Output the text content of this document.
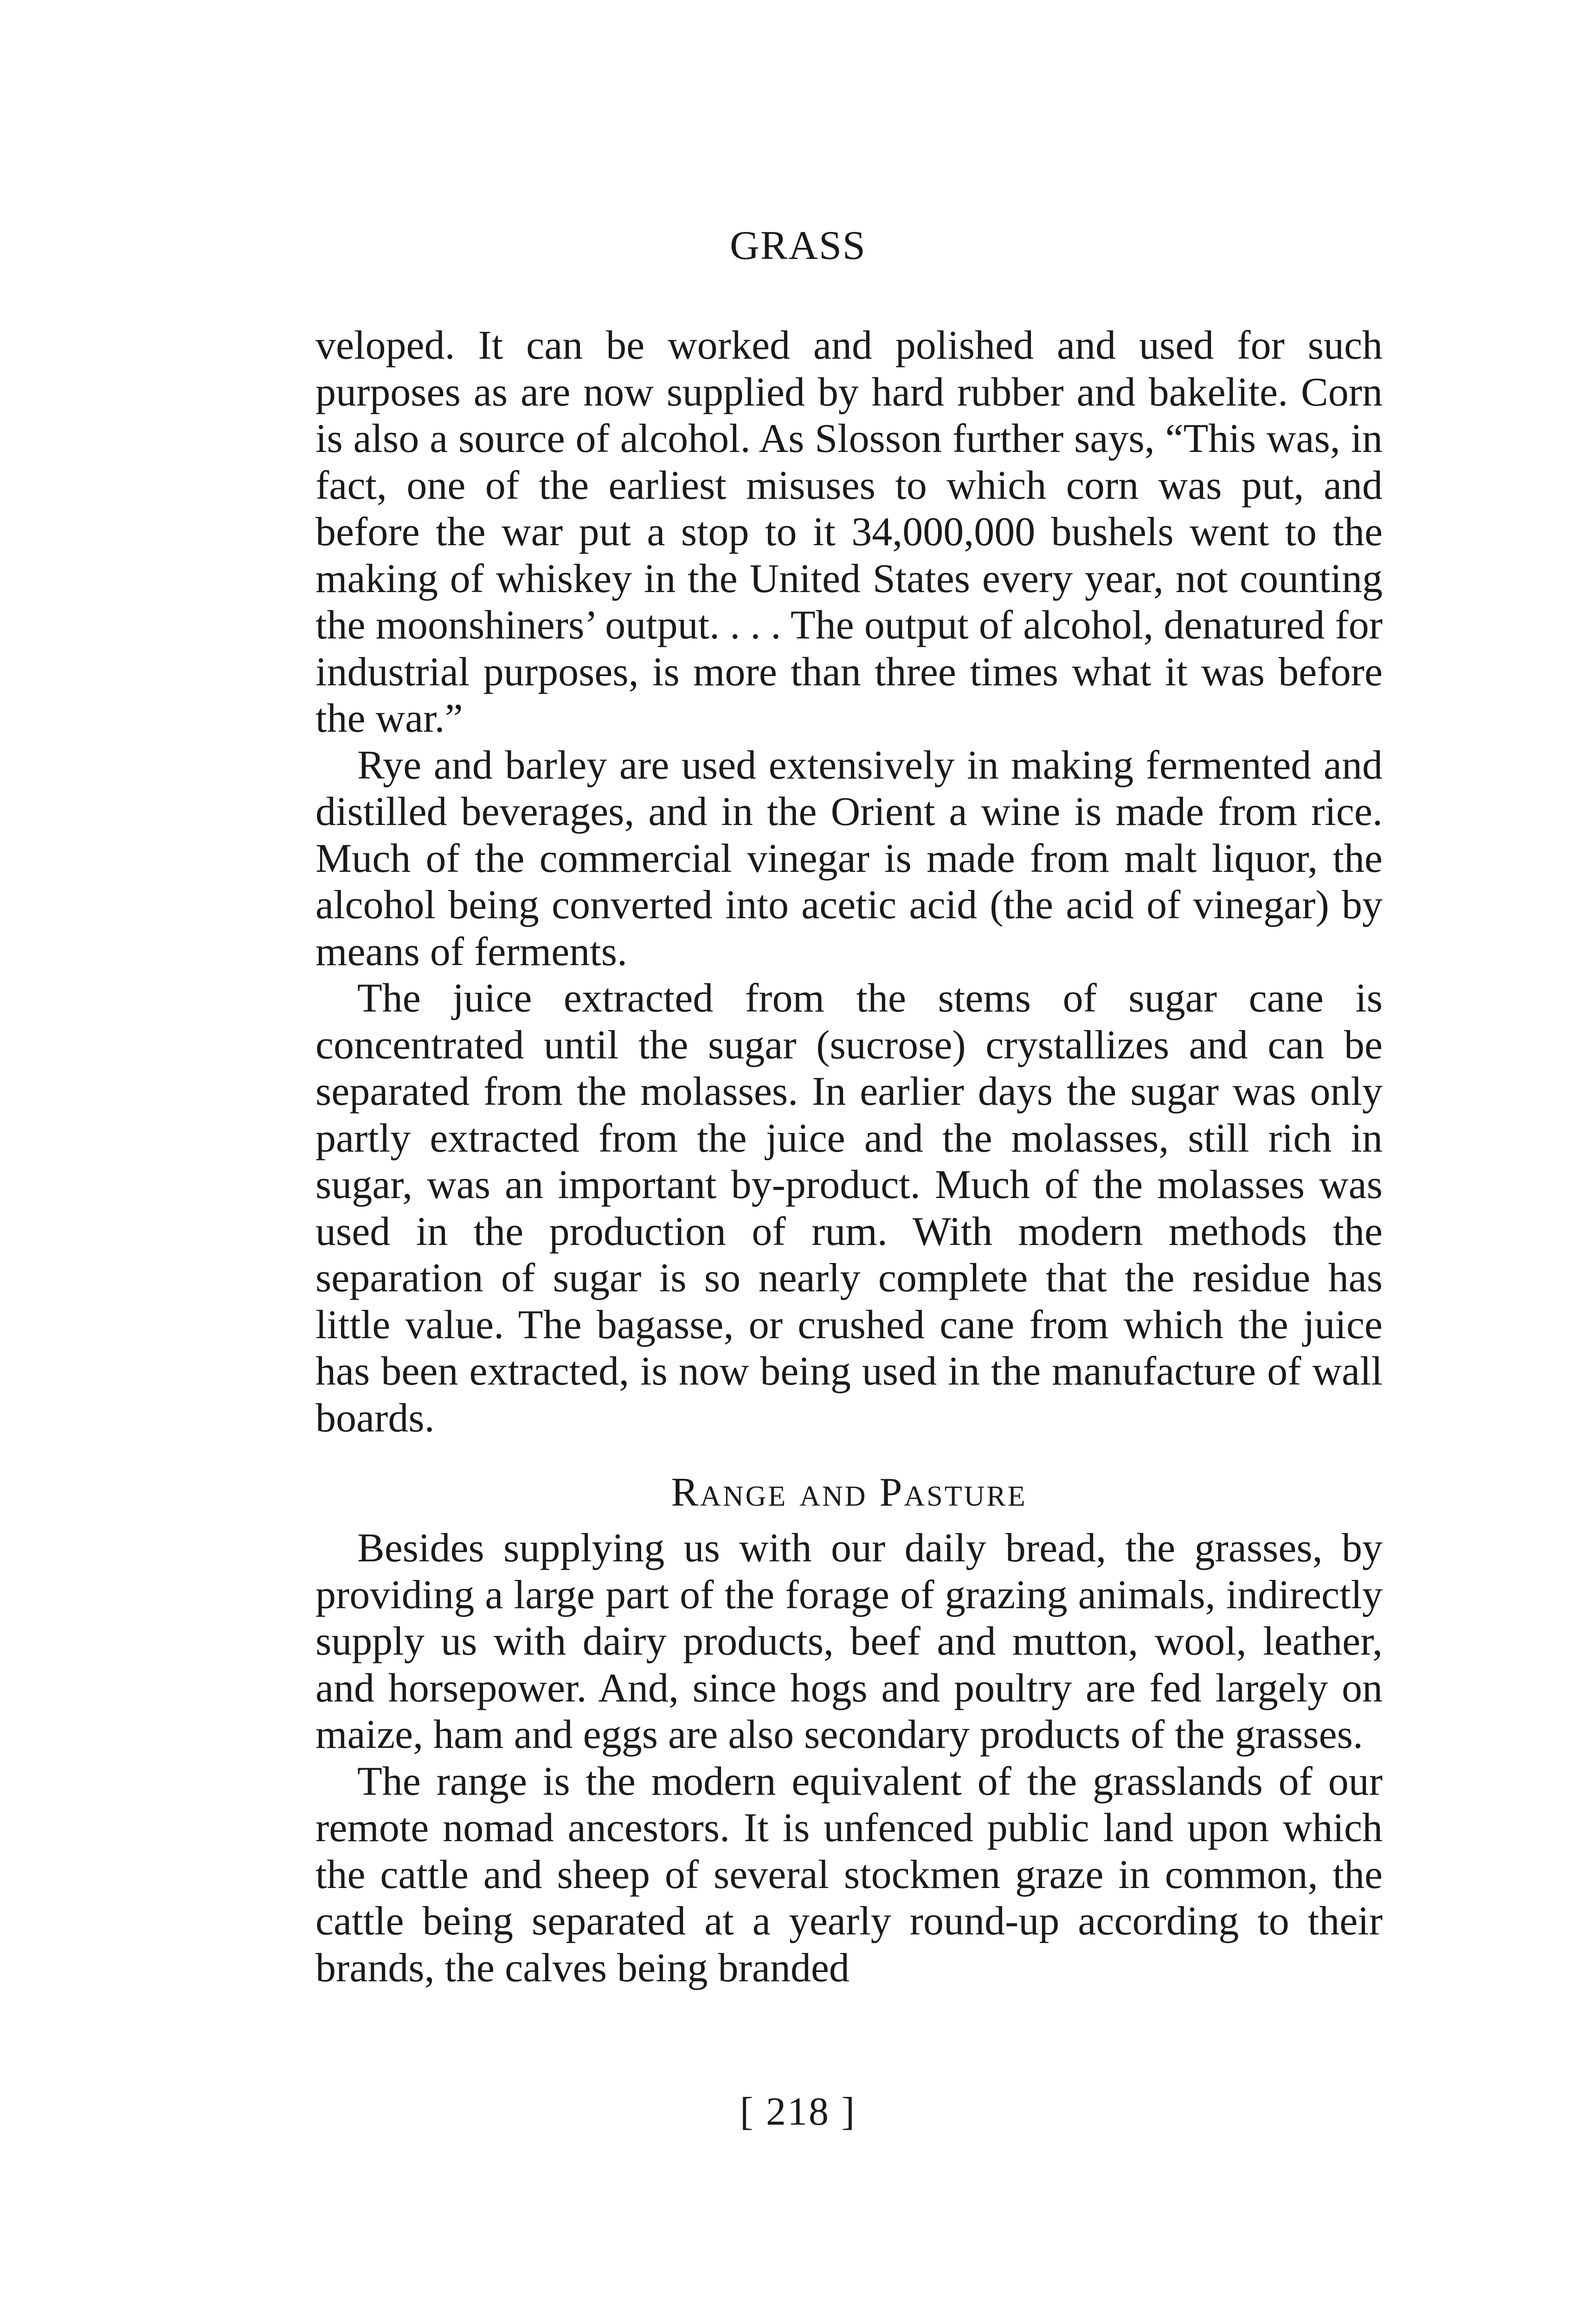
GRASS

veloped. It can be worked and polished and used for such purposes as are now supplied by hard rubber and bakelite. Corn is also a source of alcohol. As Slosson further says, “This was, in fact, one of the earliest misuses to which corn was put, and before the war put a stop to it 34,000,000 bushels went to the making of whiskey in the United States every year, not counting the moonshiners’ output. . . . The output of alcohol, denatured for industrial purposes, is more than three times what it was before the war.”

Rye and barley are used extensively in making fermented and distilled beverages, and in the Orient a wine is made from rice. Much of the commercial vinegar is made from malt liquor, the alcohol being converted into acetic acid (the acid of vinegar) by means of ferments.

The juice extracted from the stems of sugar cane is concentrated until the sugar (sucrose) crystallizes and can be separated from the molasses. In earlier days the sugar was only partly extracted from the juice and the molasses, still rich in sugar, was an important by-product. Much of the molasses was used in the production of rum. With modern methods the separation of sugar is so nearly complete that the residue has little value. The bagasse, or crushed cane from which the juice has been extracted, is now being used in the manufacture of wall boards.

Range and Pasture

Besides supplying us with our daily bread, the grasses, by providing a large part of the forage of grazing animals, indirectly supply us with dairy products, beef and mutton, wool, leather, and horsepower. And, since hogs and poultry are fed largely on maize, ham and eggs are also secondary products of the grasses.

The range is the modern equivalent of the grasslands of our remote nomad ancestors. It is unfenced public land upon which the cattle and sheep of several stockmen graze in common, the cattle being separated at a yearly round-up according to their brands, the calves being branded

[ 218 ]
